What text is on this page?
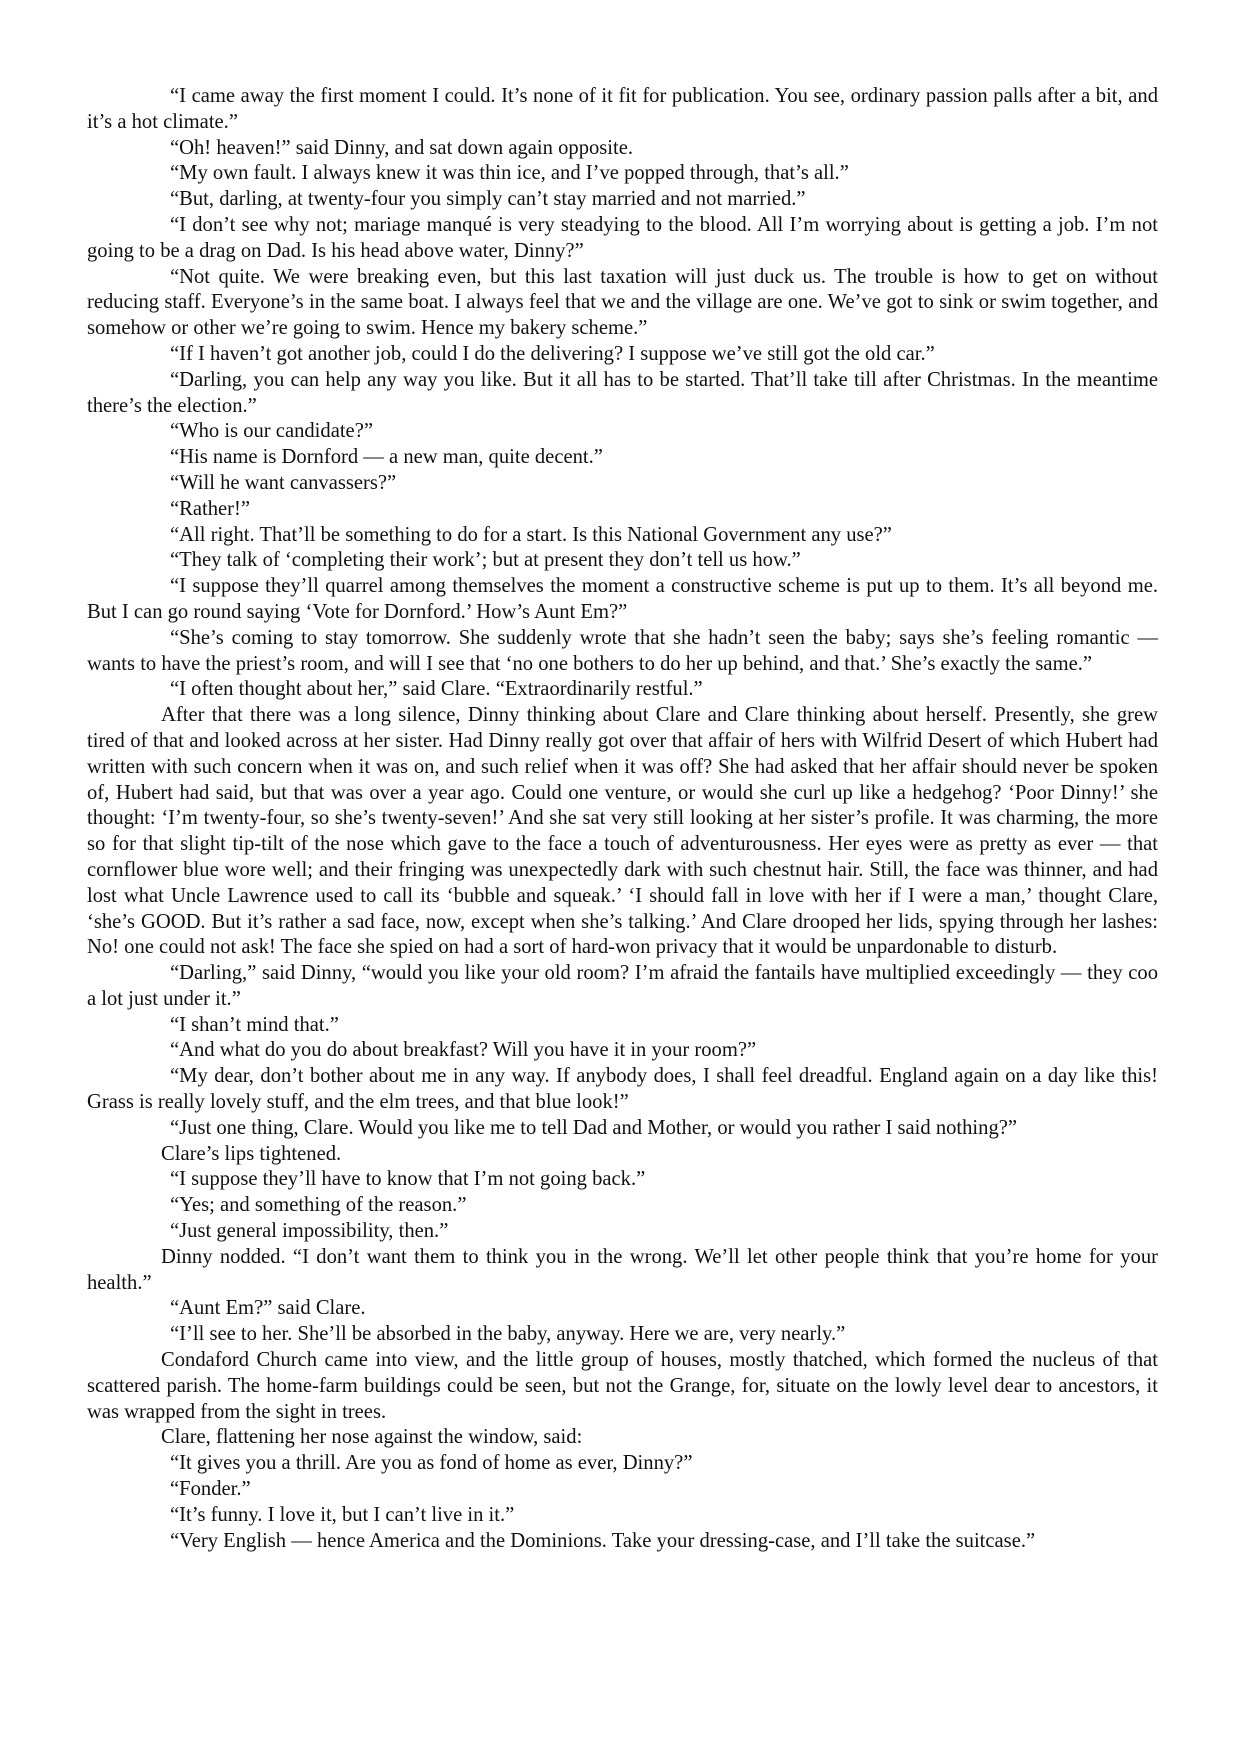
“I came away the first moment I could. It’s none of it fit for publication. You see, ordinary passion palls after a bit, and it’s a hot climate.”

“Oh! heaven!” said Dinny, and sat down again opposite.

“My own fault. I always knew it was thin ice, and I’ve popped through, that’s all.”

“But, darling, at twenty-four you simply can’t stay married and not married.”

“I don’t see why not; mariage manqué is very steadying to the blood. All I’m worrying about is getting a job. I’m not going to be a drag on Dad. Is his head above water, Dinny?”

“Not quite. We were breaking even, but this last taxation will just duck us. The trouble is how to get on without reducing staff. Everyone’s in the same boat. I always feel that we and the village are one. We’ve got to sink or swim together, and somehow or other we’re going to swim. Hence my bakery scheme.”

“If I haven’t got another job, could I do the delivering? I suppose we’ve still got the old car.”

“Darling, you can help any way you like. But it all has to be started. That’ll take till after Christmas. In the meantime there’s the election.”

“Who is our candidate?”

“His name is Dornford — a new man, quite decent.”

“Will he want canvassers?”

“Rather!”

“All right. That’ll be something to do for a start. Is this National Government any use?”

“They talk of ‘completing their work’; but at present they don’t tell us how.”

“I suppose they’ll quarrel among themselves the moment a constructive scheme is put up to them. It’s all beyond me. But I can go round saying ‘Vote for Dornford.’ How’s Aunt Em?”

“She’s coming to stay tomorrow. She suddenly wrote that she hadn’t seen the baby; says she’s feeling romantic — wants to have the priest’s room, and will I see that ‘no one bothers to do her up behind, and that.’ She’s exactly the same.”

“I often thought about her,” said Clare. “Extraordinarily restful.”

After that there was a long silence, Dinny thinking about Clare and Clare thinking about herself. Presently, she grew tired of that and looked across at her sister. Had Dinny really got over that affair of hers with Wilfrid Desert of which Hubert had written with such concern when it was on, and such relief when it was off? She had asked that her affair should never be spoken of, Hubert had said, but that was over a year ago. Could one venture, or would she curl up like a hedgehog? ‘Poor Dinny!’ she thought: ‘I’m twenty-four, so she’s twenty-seven!’ And she sat very still looking at her sister’s profile. It was charming, the more so for that slight tip-tilt of the nose which gave to the face a touch of adventurousness. Her eyes were as pretty as ever — that cornflower blue wore well; and their fringing was unexpectedly dark with such chestnut hair. Still, the face was thinner, and had lost what Uncle Lawrence used to call its ‘bubble and squeak.’ ‘I should fall in love with her if I were a man,’ thought Clare, ‘she’s GOOD. But it’s rather a sad face, now, except when she’s talking.’ And Clare drooped her lids, spying through her lashes: No! one could not ask! The face she spied on had a sort of hard-won privacy that it would be unpardonable to disturb.

“Darling,” said Dinny, “would you like your old room? I’m afraid the fantails have multiplied exceedingly — they coo a lot just under it.”

“I shan’t mind that.”

“And what do you do about breakfast? Will you have it in your room?”

“My dear, don’t bother about me in any way. If anybody does, I shall feel dreadful. England again on a day like this! Grass is really lovely stuff, and the elm trees, and that blue look!”

“Just one thing, Clare. Would you like me to tell Dad and Mother, or would you rather I said nothing?”

Clare’s lips tightened.

“I suppose they’ll have to know that I’m not going back.”

“Yes; and something of the reason.”

“Just general impossibility, then.”

Dinny nodded. “I don’t want them to think you in the wrong. We’ll let other people think that you’re home for your health.”

“Aunt Em?” said Clare.

“I’ll see to her. She’ll be absorbed in the baby, anyway. Here we are, very nearly.”

Condaford Church came into view, and the little group of houses, mostly thatched, which formed the nucleus of that scattered parish. The home-farm buildings could be seen, but not the Grange, for, situate on the lowly level dear to ancestors, it was wrapped from the sight in trees.

Clare, flattening her nose against the window, said:

“It gives you a thrill. Are you as fond of home as ever, Dinny?”

“Fonder.”

“It’s funny. I love it, but I can’t live in it.”

“Very English — hence America and the Dominions. Take your dressing-case, and I’ll take the suitcase.”
